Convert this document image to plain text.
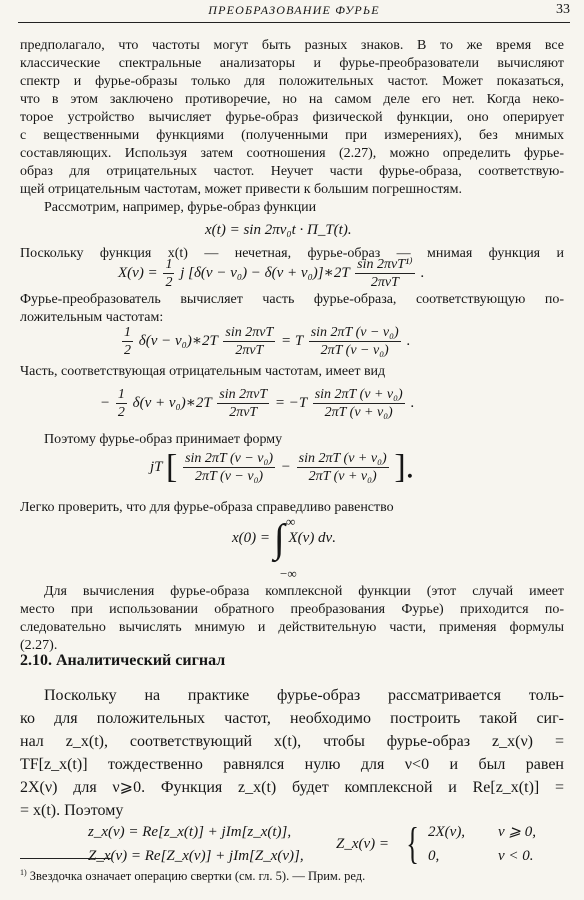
ПРЕОБРАЗОВАНИЕ ФУРЬЕ	33
предполагало, что частоты могут быть разных знаков. В то же время все
классические спектральные анализаторы и фурье-преобразователи вычисляют
спектр и фурье-образы только для положительных частот. Может показаться,
что в этом заключено противоречие, но на самом деле его нет. Когда неко-
торое устройство вычисляет фурье-образ физической функции, оно оперирует
с вещественными функциями (полученными при измерениях), без мнимых
составляющих. Используя затем соотношения (2.27), можно определить фурье-
образ для отрицательных частот. Неучет части фурье-образа, соответствую-
щей отрицательным частотам, может привести к большим погрешностям.
Рассмотрим, например, фурье-образ функции
x(t) = sin 2πν₀t · Π_T(t).
Поскольку функция x(t) — нечетная, фурье-образ — мнимая функция и
$X(\nu) = \frac{1}{2}$ j [δ(ν − ν₀) − δ(ν + ν₀)]∗2T $\frac{\text{sin 2πνT¹⁾}}{\text{2πνT}}$ .
Фурье-преобразователь вычисляет часть фурье-образа, соответствующую по-
ложительным частотам:
$\frac{1}{2} \delta(\nu$ − ν₀)∗2T $\frac{\text{sin 2πνT}}{\text{2πνT}} = T \frac{\text{sin 2πT (ν − ν₀)}}{\text{2πT (ν − ν₀)}}$ .
Часть, соответствующая отрицательным частотам, имеет вид
− $\frac{1}{2} \delta(\nu$ + ν₀)∗2T $\frac{\text{sin 2πνT}}{\text{2πνT}} = -T \frac{\text{sin 2πT (ν + ν₀)}}{\text{2πT (ν + ν₀)}}$ .
Поэтому фурье-образ принимает форму
jT [ $\frac{\text{sin 2πT (ν − ν₀)}}{\text{2πT (ν − ν₀)}} - \frac{\text{sin 2πT (ν + ν₀)}}{\text{2πT (ν + ν₀)}}$ ].
Легко проверить, что для фурье-образа справедливо равенство
x(0) = ∫ X(ν) dν.
∞
−∞
Для вычисления фурье-образа комплексной функции (этот случай имеет
место при использовании обратного преобразования Фурье) приходится по-
следовательно вычислять мнимую и действительную части, применяя формулы
(2.27).
2.10. Аналитический сигнал
Поскольку на практике фурье-образ рассматривается толь-
ко для положительных частот, необходимо построить такой сиг-
нал z_x(t), соответствующий x(t), чтобы фурье-образ z_x(ν) =
TF[z_x(t)] тождественно равнялся нулю для ν<0 и был равен
2X(ν) для ν⩾0. Функция z_x(t) будет комплексной и Re[z_x(t)] =
= x(t). Поэтому
z_x(ν) = Re[z_x(t)] + jIm[z_x(t)],
Z_x(ν) = Re[Z_x(ν)] + jIm[Z_x(ν)],
Z_x(ν) = { 2X(ν), ν ⩾ 0,
0,	ν < 0.
$^{1)}$ Звездочка означает операцию свертки (см. гл. 5). — Прим. ред.
